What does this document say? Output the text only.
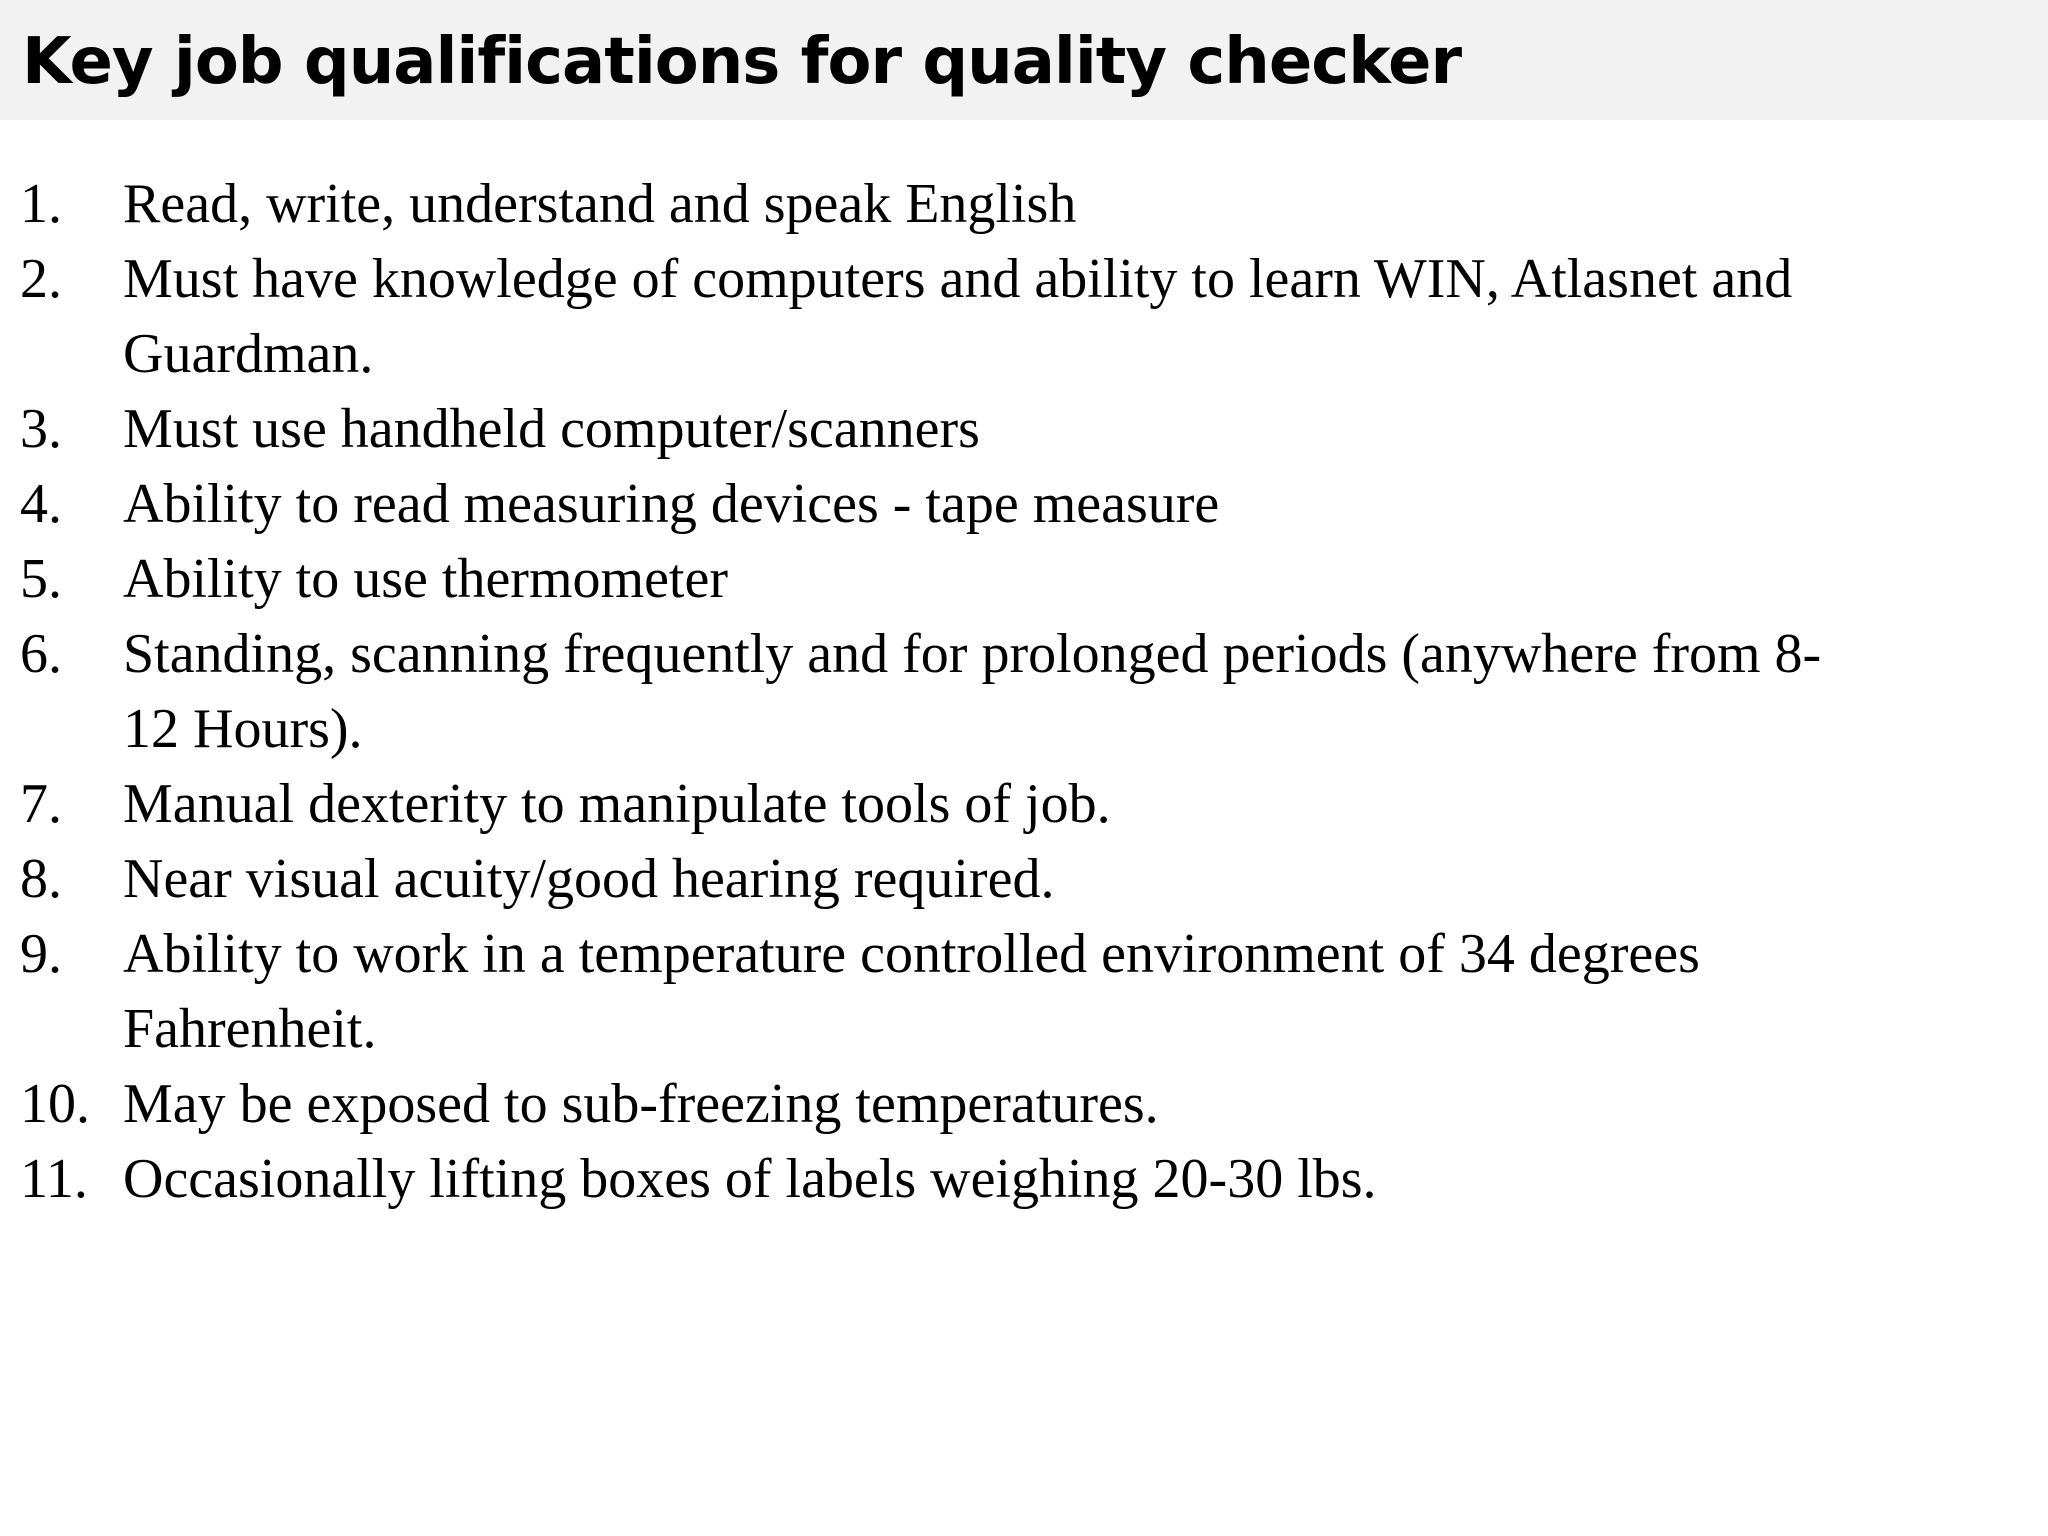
Key job qualifications for quality checker
1.	Read, write, understand and speak English
2.	Must have knowledge of computers and ability to learn WIN, Atlasnet and
Guardman.
3.	Must use handheld computer/scanners
4.	Ability to read measuring devices - tape measure
5.	Ability to use thermometer
6.	Standing, scanning frequently and for prolonged periods (anywhere from 8-
12 Hours).
7.	Manual dexterity to manipulate tools of job.
8.	Near visual acuity/good hearing required.
9.	Ability to work in a temperature controlled environment of 34 degrees
Fahrenheit.
10. May be exposed to sub-freezing temperatures.
11. Occasionally lifting boxes of labels weighing 20-30 lbs.
